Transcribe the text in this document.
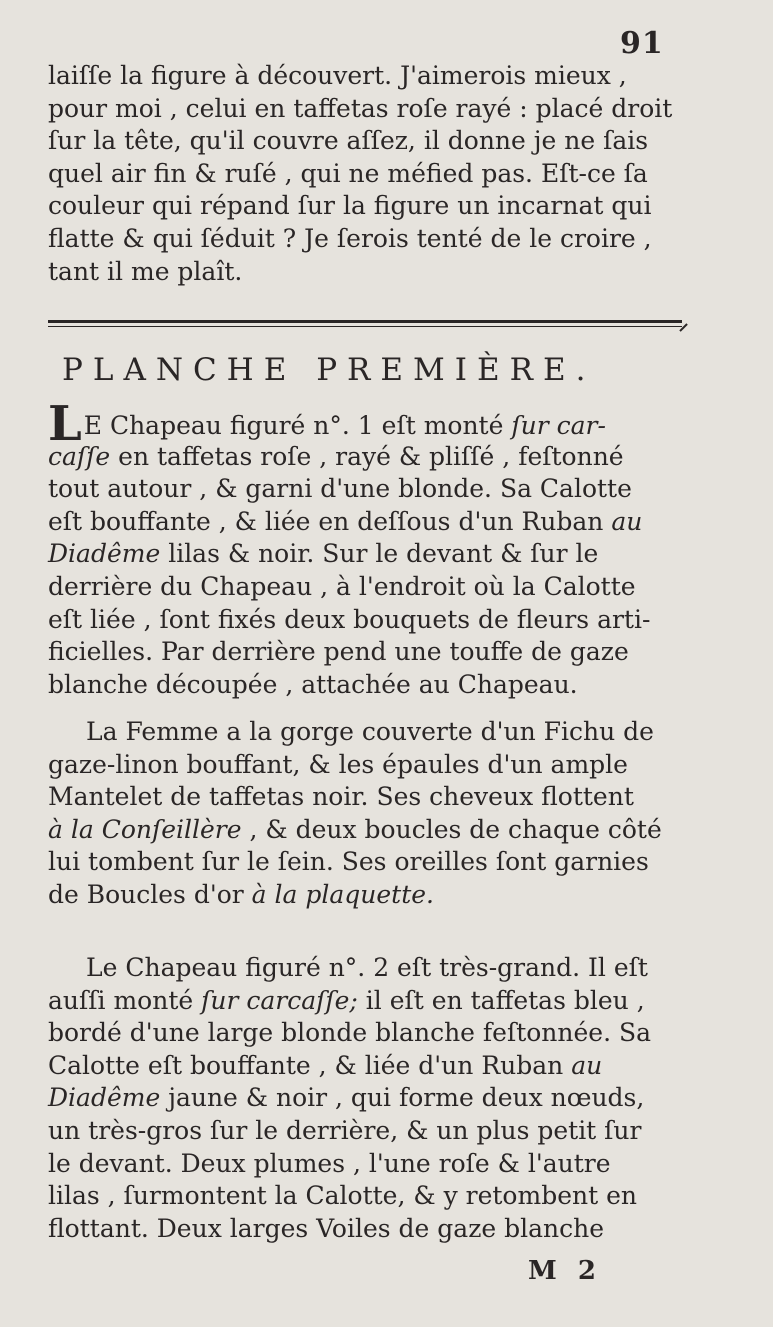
91
laiſſe la figure à découvert. J'aimerois mieux ,
pour moi , celui en taffetas roſe rayé : placé droit
ſur la tête, qu'il couvre aſſez, il donne je ne ſais
quel air fin & ruſé , qui ne méfied pas. Eſt-ce ſa
couleur qui répand ſur la figure un incarnat qui
flatte & qui ſéduit ? Je ſerois tenté de le croire ,
tant il me plaît.
PLANCHE PREMIÈRE.
LE Chapeau figuré n°. 1 eſt monté ſur car-
caſſe en taffetas roſe , rayé & pliſſé , feſtonné
tout autour , & garni d'une blonde. Sa Calotte
eſt bouffante , & liée en deſſous d'un Ruban au
Diadême lilas & noir. Sur le devant & ſur le
derrière du Chapeau , à l'endroit où la Calotte
eſt liée , ſont fixés deux bouquets de fleurs arti-
ficielles. Par derrière pend une touffe de gaze
blanche découpée , attachée au Chapeau.
La Femme a la gorge couverte d'un Fichu de
gaze-linon bouffant, & les épaules d'un ample
Mantelet de taffetas noir. Ses cheveux flottent
à la Conſeillère , & deux boucles de chaque côté
lui tombent ſur le ſein. Ses oreilles ſont garnies
de Boucles d'or à la plaquette.
Le Chapeau figuré n°. 2 eſt très-grand. Il eſt
auſſi monté ſur carcaſſe; il eſt en taffetas bleu ,
bordé d'une large blonde blanche feſtonnée. Sa
Calotte eſt bouffante , & liée d'un Ruban au
Diadême jaune & noir , qui forme deux nœuds,
un très-gros ſur le derrière, & un plus petit ſur
le devant. Deux plumes , l'une roſe & l'autre
lilas , ſurmontent la Calotte, & y retombent en
flottant. Deux larges Voiles de gaze blanche
M 2
